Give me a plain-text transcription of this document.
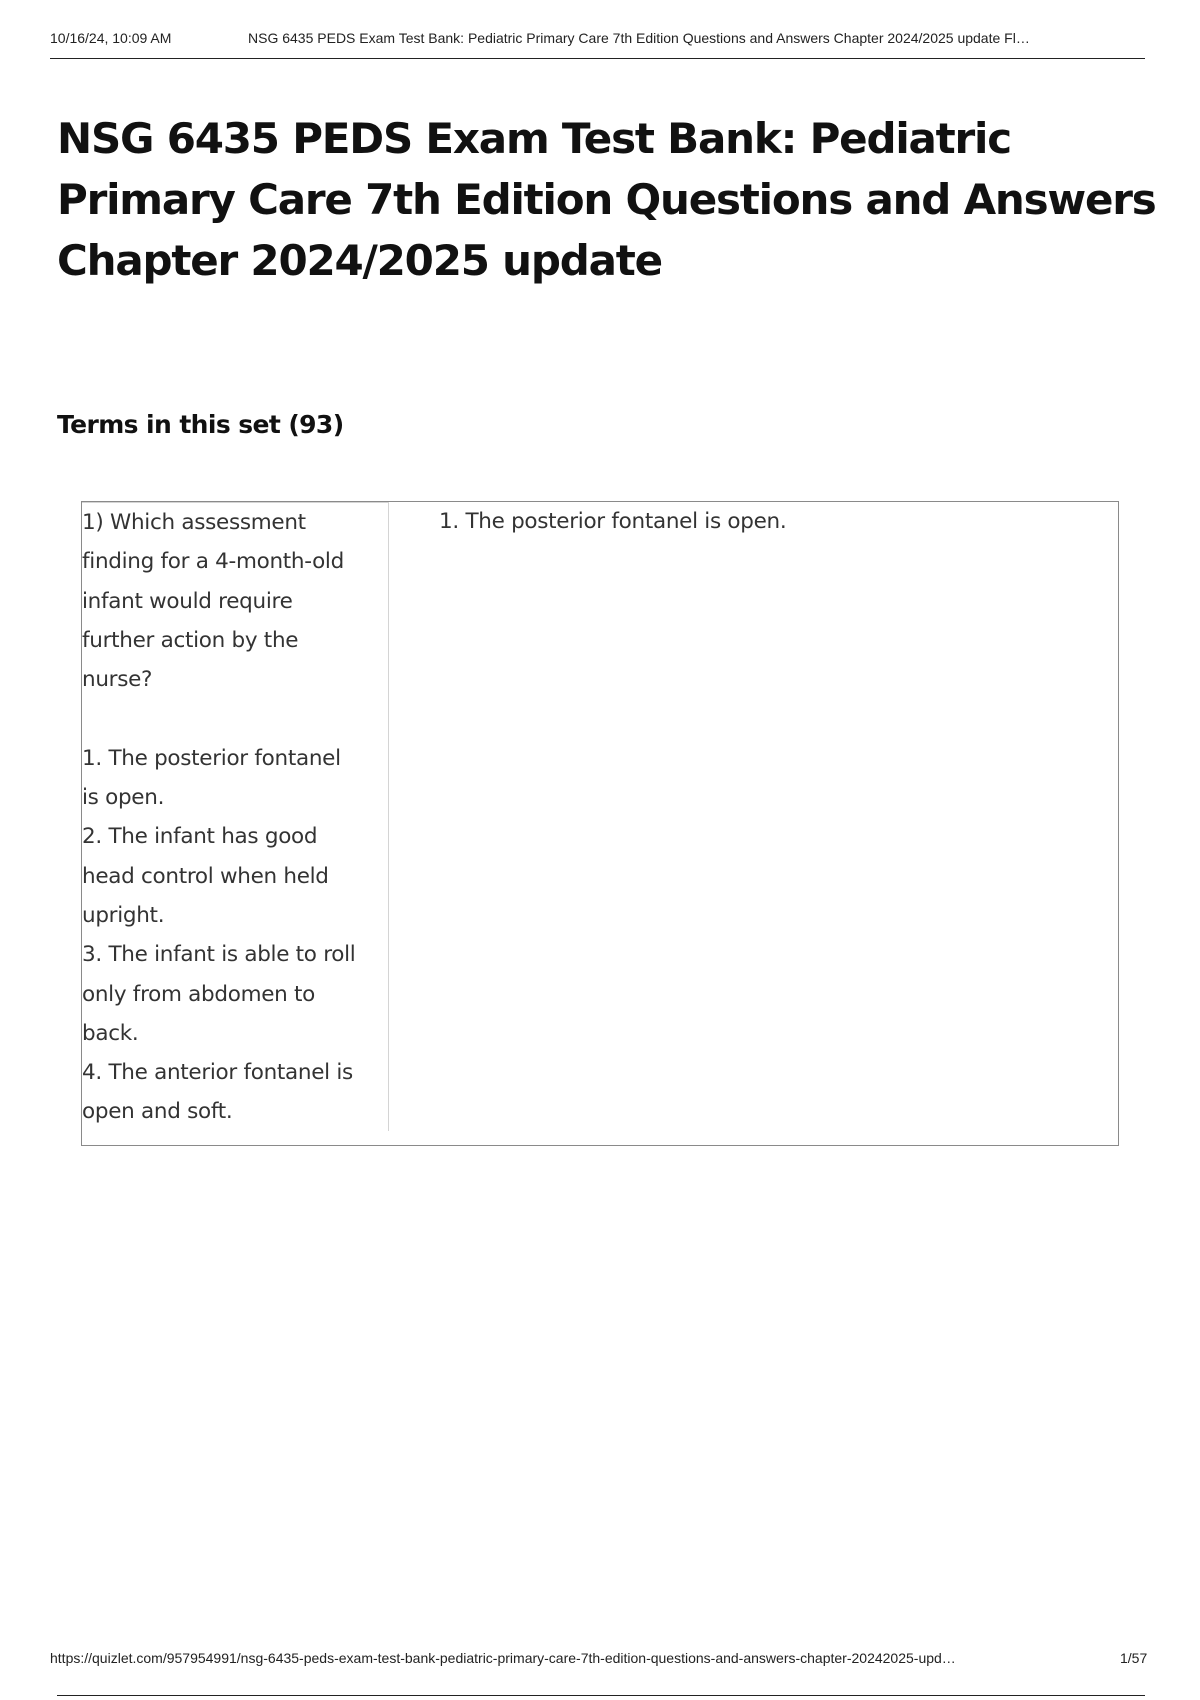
10/16/24, 10:09 AM	NSG 6435 PEDS Exam Test Bank: Pediatric Primary Care 7th Edition Questions and Answers Chapter 2024/2025 update Fl…
NSG 6435 PEDS Exam Test Bank: Pediatric Primary Care 7th Edition Questions and Answers Chapter 2024/2025 update
Terms in this set (93)
1) Which assessment
finding for a 4-month-old
infant would require
further action by the
nurse?

1. The posterior fontanel
is open.
2. The infant has good
head control when held
upright.
3. The infant is able to roll
only from abdomen to
back.
4. The anterior fontanel is
open and soft.
1. The posterior fontanel is open.
https://quizlet.com/957954991/nsg-6435-peds-exam-test-bank-pediatric-primary-care-7th-edition-questions-and-answers-chapter-20242025-upd…	1/57
